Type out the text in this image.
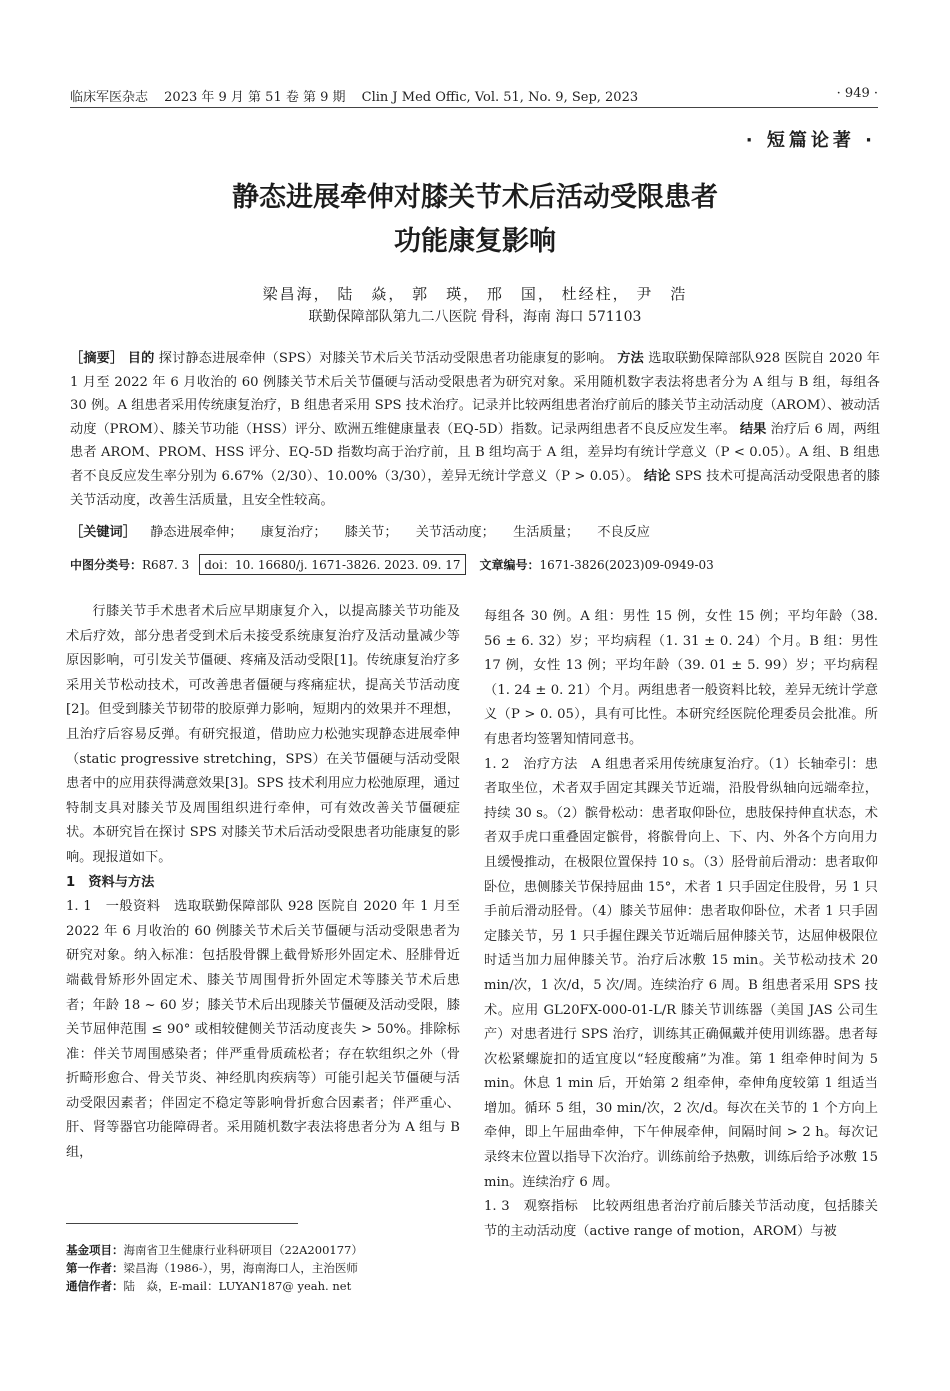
临床军医杂志 2023 年 9 月 第 51 卷 第 9 期 Clin J Med Offic, Vol. 51, No. 9, Sep, 2023	· 949 ·
· 短篇论著 ·
静态进展牵伸对膝关节术后活动受限患者
功能康复影响
梁昌海， 陆　焱， 郭　瑛， 邢　国， 杜经柱， 尹　浩
联勤保障部队第九二八医院 骨科，海南 海口 571103
［摘要］ 目的 探讨静态进展牵伸（SPS）对膝关节术后关节活动受限患者功能康复的影响。 方法 选取联勤保障部队928 医院自 2020 年 1 月至 2022 年 6 月收治的 60 例膝关节术后关节僵硬与活动受限患者为研究对象。采用随机数字表法将患者分为 A 组与 B 组，每组各 30 例。A 组患者采用传统康复治疗，B 组患者采用 SPS 技术治疗。记录并比较两组患者治疗前后的膝关节主动活动度（AROM）、被动活动度（PROM）、膝关节功能（HSS）评分、欧洲五维健康量表（EQ-5D）指数。记录两组患者不良反应发生率。 结果 治疗后 6 周，两组患者 AROM、PROM、HSS 评分、EQ-5D 指数均高于治疗前，且 B 组均高于 A 组，差异均有统计学意义（P < 0.05）。A 组、B 组患者不良反应发生率分别为 6.67%（2/30）、10.00%（3/30），差异无统计学意义（P > 0.05）。 结论 SPS 技术可提高活动受限患者的膝关节活动度，改善生活质量，且安全性较高。
［关键词］ 静态进展牵伸； 康复治疗； 膝关节； 关节活动度； 生活质量； 不良反应
中图分类号： R687. 3	doi：10. 16680/j. 1671-3826. 2023. 09. 17	文章编号： 1671-3826(2023)09-0949-03

行膝关节手术患者术后应早期康复介入，以提高膝关节功能及术后疗效，部分患者受到术后未接受系统康复治疗及活动量减少等原因影响，可引发关节僵硬、疼痛及活动受限[1]。传统康复治疗多采用关节松动技术，可改善患者僵硬与疼痛症状，提高关节活动度[2]。但受到膝关节韧带的胶原弹力影响，短期内的效果并不理想，且治疗后容易反弹。有研究报道，借助应力松弛实现静态进展牵伸（static progressive stretching，SPS）在关节僵硬与活动受限患者中的应用获得满意效果[3]。SPS 技术利用应力松弛原理，通过特制支具对膝关节及周围组织进行牵伸，可有效改善关节僵硬症状。本研究旨在探讨 SPS 对膝关节术后活动受限患者功能康复的影响。现报道如下。

1　资料与方法

1. 1　一般资料　选取联勤保障部队 928 医院自 2020 年 1 月至 2022 年 6 月收治的 60 例膝关节术后关节僵硬与活动受限患者为研究对象。纳入标准：包括股骨髁上截骨矫形外固定术、胫腓骨近端截骨矫形外固定术、膝关节周围骨折外固定术等膝关节术后患者；年龄 18 ~ 60 岁；膝关节术后出现膝关节僵硬及活动受限，膝关节屈伸范围 ≤ 90° 或相较健侧关节活动度丧失 > 50%。排除标准：伴关节周围感染者；伴严重骨质疏松者；存在软组织之外（骨折畸形愈合、骨关节炎、神经肌肉疾病等）可能引起关节僵硬与活动受限因素者；伴固定不稳定等影响骨折愈合因素者；伴严重心、肝、肾等器官功能障碍者。采用随机数字表法将患者分为 A 组与 B 组，

每组各 30 例。A 组：男性 15 例，女性 15 例；平均年龄（38. 56 ± 6. 32）岁；平均病程（1. 31 ± 0. 24）个月。B 组：男性 17 例，女性 13 例；平均年龄（39. 01 ± 5. 99）岁；平均病程（1. 24 ± 0. 21）个月。两组患者一般资料比较，差异无统计学意义（P > 0. 05），具有可比性。本研究经医院伦理委员会批准。所有患者均签署知情同意书。

1. 2　治疗方法　A 组患者采用传统康复治疗。（1）长轴牵引：患者取坐位，术者双手固定其踝关节近端，沿股骨纵轴向远端牵拉，持续 30 s。（2）髌骨松动：患者取仰卧位，患肢保持伸直状态，术者双手虎口重叠固定髌骨，将髌骨向上、下、内、外各个方向用力且缓慢推动，在极限位置保持 10 s。（3）胫骨前后滑动：患者取仰卧位，患侧膝关节保持屈曲 15°，术者 1 只手固定住股骨，另 1 只手前后滑动胫骨。（4）膝关节屈伸：患者取仰卧位，术者 1 只手固定膝关节，另 1 只手握住踝关节近端后屈伸膝关节，达屈伸极限位时适当加力屈伸膝关节。治疗后冰敷 15 min。关节松动技术 20 min/次，1 次/d，5 次/周。连续治疗 6 周。B 组患者采用 SPS 技术。应用 GL20FX-000-01-L/R 膝关节训练器（美国 JAS 公司生产）对患者进行 SPS 治疗，训练其正确佩戴并使用训练器。患者每次松紧螺旋扣的适宜度以“轻度酸痛”为准。第 1 组牵伸时间为 5 min。休息 1 min 后，开始第 2 组牵伸，牵伸角度较第 1 组适当增加。循环 5 组，30 min/次，2 次/d。每次在关节的 1 个方向上牵伸，即上午屈曲牵伸，下午伸展牵伸，间隔时间 > 2 h。每次记录终末位置以指导下次治疗。训练前给予热敷，训练后给予冰敷 15 min。连续治疗 6 周。

1. 3　观察指标　比较两组患者治疗前后膝关节活动度，包括膝关节的主动活动度（active range of motion，AROM）与被

基金项目：海南省卫生健康行业科研项目（22A200177）
第一作者：梁昌海（1986-），男，海南海口人，主治医师
通信作者：陆　焱，E-mail：LUYAN187@ yeah. net
